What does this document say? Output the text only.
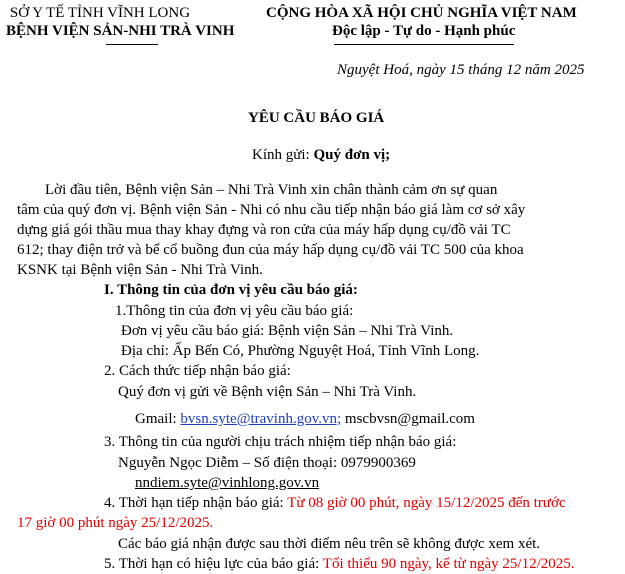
SỞ Y TẾ TỈNH VĨNH LONG
BỆNH VIỆN SẢN-NHI TRÀ VINH
CỘNG HÒA XÃ HỘI CHỦ NGHĨA VIỆT NAM
Độc lập - Tự do - Hạnh phúc
Nguyệt Hoá, ngày 15 tháng 12 năm 2025
YÊU CẦU BÁO GIÁ
Kính gửi: Quý đơn vị;
Lời đầu tiên, Bệnh viện Sản – Nhi Trà Vinh xin chân thành cảm ơn sự quan
tâm của quý đơn vị. Bệnh viện Sản - Nhi có nhu cầu tiếp nhận báo giá làm cơ sở xây
dựng giá gói thầu mua thay khay đựng và ron cửa của máy hấp dụng cụ/đồ vải TC
612; thay điện trở và bể cổ buồng đun của máy hấp dụng cụ/đồ vải TC 500 của khoa
KSNK tại Bệnh viện Sản - Nhi Trà Vinh.
I. Thông tin của đơn vị yêu cầu báo giá:
1.Thông tin của đơn vị yêu cầu báo giá:
Đơn vị yêu cầu báo giá: Bệnh viện Sản – Nhi Trà Vinh.
Địa chỉ: Ấp Bến Có, Phường Nguyệt Hoá, Tỉnh Vĩnh Long.
2. Cách thức tiếp nhận báo giá:
Quý đơn vị gửi về Bệnh viện Sản – Nhi Trà Vinh.
Gmail: bvsn.syte@travinh.gov.vn; mscbvsn@gmail.com
3. Thông tin của người chịu trách nhiệm tiếp nhận báo giá:
Nguyễn Ngọc Diễm – Số điện thoại: 0979900369
nndiem.syte@vinhlong.gov.vn
4. Thời hạn tiếp nhận báo giá: Từ 08 giờ 00 phút, ngày 15/12/2025 đến trước
17 giờ 00 phút ngày 25/12/2025.
Các báo giá nhận được sau thời điểm nêu trên sẽ không được xem xét.
5. Thời hạn có hiệu lực của báo giá: Tối thiểu 90 ngày, kể từ ngày 25/12/2025.
